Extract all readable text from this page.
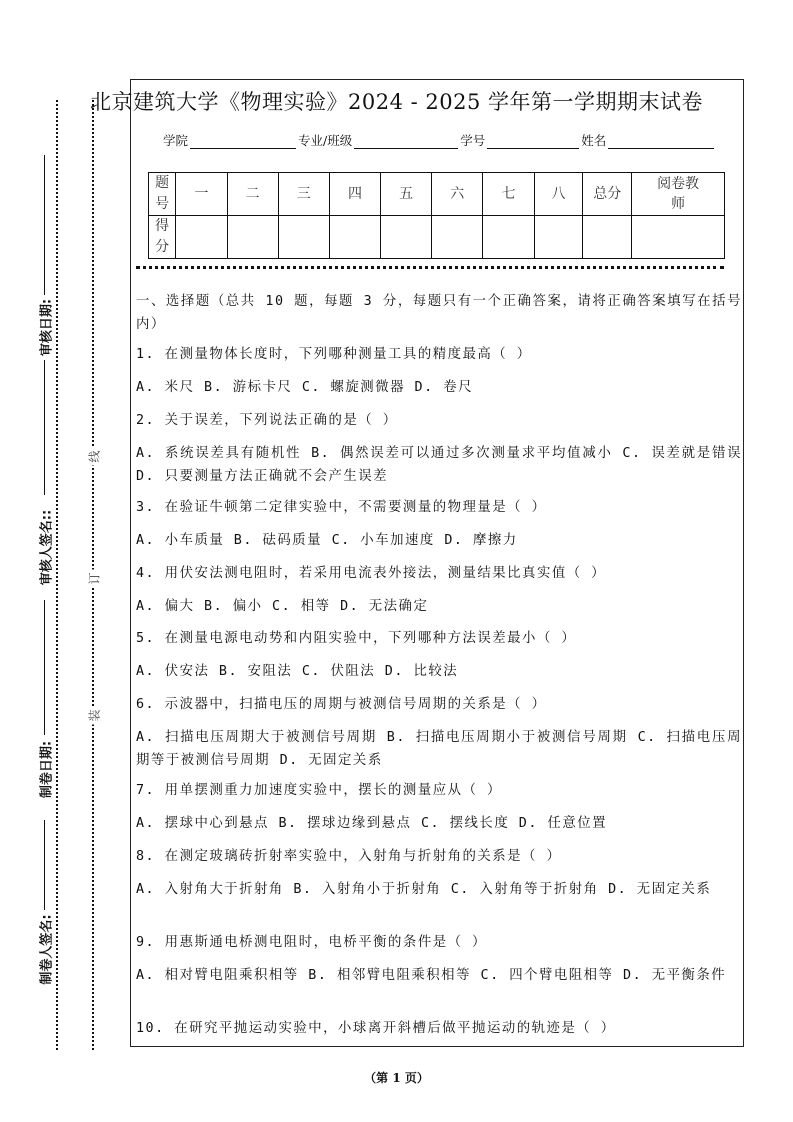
审核日期:
审核人签名::
制卷日期:
制卷人签名:
线
订
装
北京建筑大学《物理实验》2024 - 2025 学年第一学期期末试卷
学院	专业/班级	学号	姓名
题号	一	二	三	四	五	六	七	八	总分	阅卷教师
得分										
一、选择题（总共 10 题，每题 3 分，每题只有一个正确答案，请将正确答案填写在括号内）
1. 在测量物体长度时，下列哪种测量工具的精度最高（ ）
A. 米尺 B. 游标卡尺 C. 螺旋测微器 D. 卷尺
2. 关于误差，下列说法正确的是（ ）
A. 系统误差具有随机性 B. 偶然误差可以通过多次测量求平均值减小 C. 误差就是错误 D. 只要测量方法正确就不会产生误差
3. 在验证牛顿第二定律实验中，不需要测量的物理量是（ ）
A. 小车质量 B. 砝码质量 C. 小车加速度 D. 摩擦力
4. 用伏安法测电阻时，若采用电流表外接法，测量结果比真实值（ ）
A. 偏大 B. 偏小 C. 相等 D. 无法确定
5. 在测量电源电动势和内阻实验中，下列哪种方法误差最小（ ）
A. 伏安法 B. 安阻法 C. 伏阻法 D. 比较法
6. 示波器中，扫描电压的周期与被测信号周期的关系是（ ）
A. 扫描电压周期大于被测信号周期 B. 扫描电压周期小于被测信号周期 C. 扫描电压周期等于被测信号周期 D. 无固定关系
7. 用单摆测重力加速度实验中，摆长的测量应从（ ）
A. 摆球中心到悬点 B. 摆球边缘到悬点 C. 摆线长度 D. 任意位置
8. 在测定玻璃砖折射率实验中，入射角与折射角的关系是（ ）
A. 入射角大于折射角 B. 入射角小于折射角 C. 入射角等于折射角 D. 无固定关系
9. 用惠斯通电桥测电阻时，电桥平衡的条件是（ ）
A. 相对臂电阻乘积相等 B. 相邻臂电阻乘积相等 C. 四个臂电阻相等 D. 无平衡条件
10. 在研究平抛运动实验中，小球离开斜槽后做平抛运动的轨迹是（ ）
（第 1 页）
